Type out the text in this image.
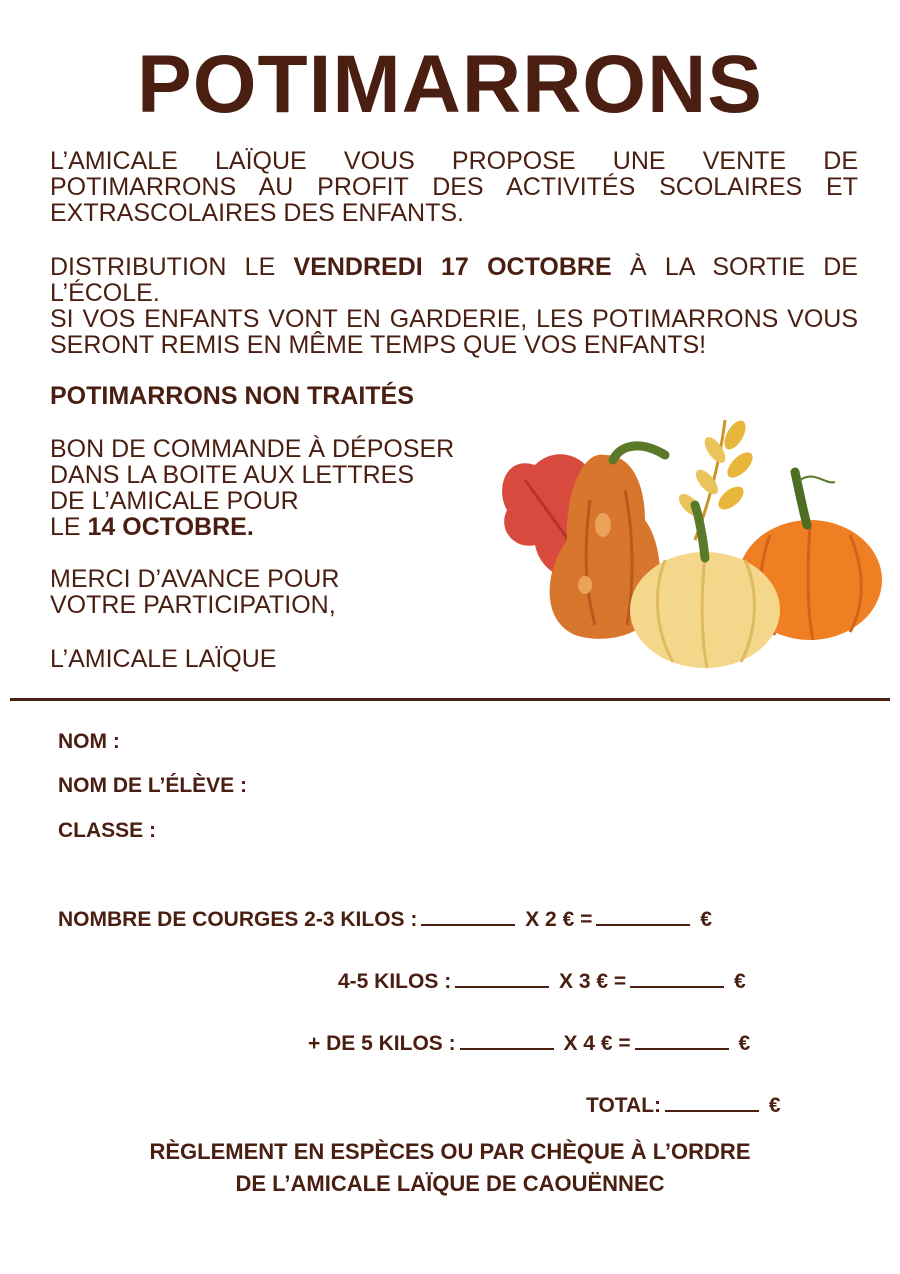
POTIMARRONS

L’AMICALE LAÏQUE VOUS PROPOSE UNE VENTE DE POTIMARRONS AU PROFIT DES ACTIVITÉS SCOLAIRES ET EXTRASCOLAIRES DES ENFANTS.

DISTRIBUTION LE VENDREDI 17 OCTOBRE À LA SORTIE DE L’ÉCOLE.
SI VOS ENFANTS VONT EN GARDERIE, LES POTIMARRONS VOUS SERONT REMIS EN MÊME TEMPS QUE VOS ENFANTS!

POTIMARRONS NON TRAITÉS

BON DE COMMANDE À DÉPOSER
DANS LA BOITE AUX LETTRES
DE L’AMICALE POUR
LE 14 OCTOBRE.

MERCI D’AVANCE POUR
VOTRE PARTICIPATION,

L’AMICALE LAÏQUE

NOM :
NOM DE L’ÉLÈVE :
CLASSE :
NOMBRE DE COURGES 2-3 KILOS :	X 2 € =	€
4-5 KILOS :	X 3 € =	€
+ DE 5 KILOS :	X 4 € =	€
TOTAL:	€
RÈGLEMENT EN ESPÈCES OU PAR CHÈQUE À L’ORDRE
DE L’AMICALE LAÏQUE DE CAOUËNNEC
